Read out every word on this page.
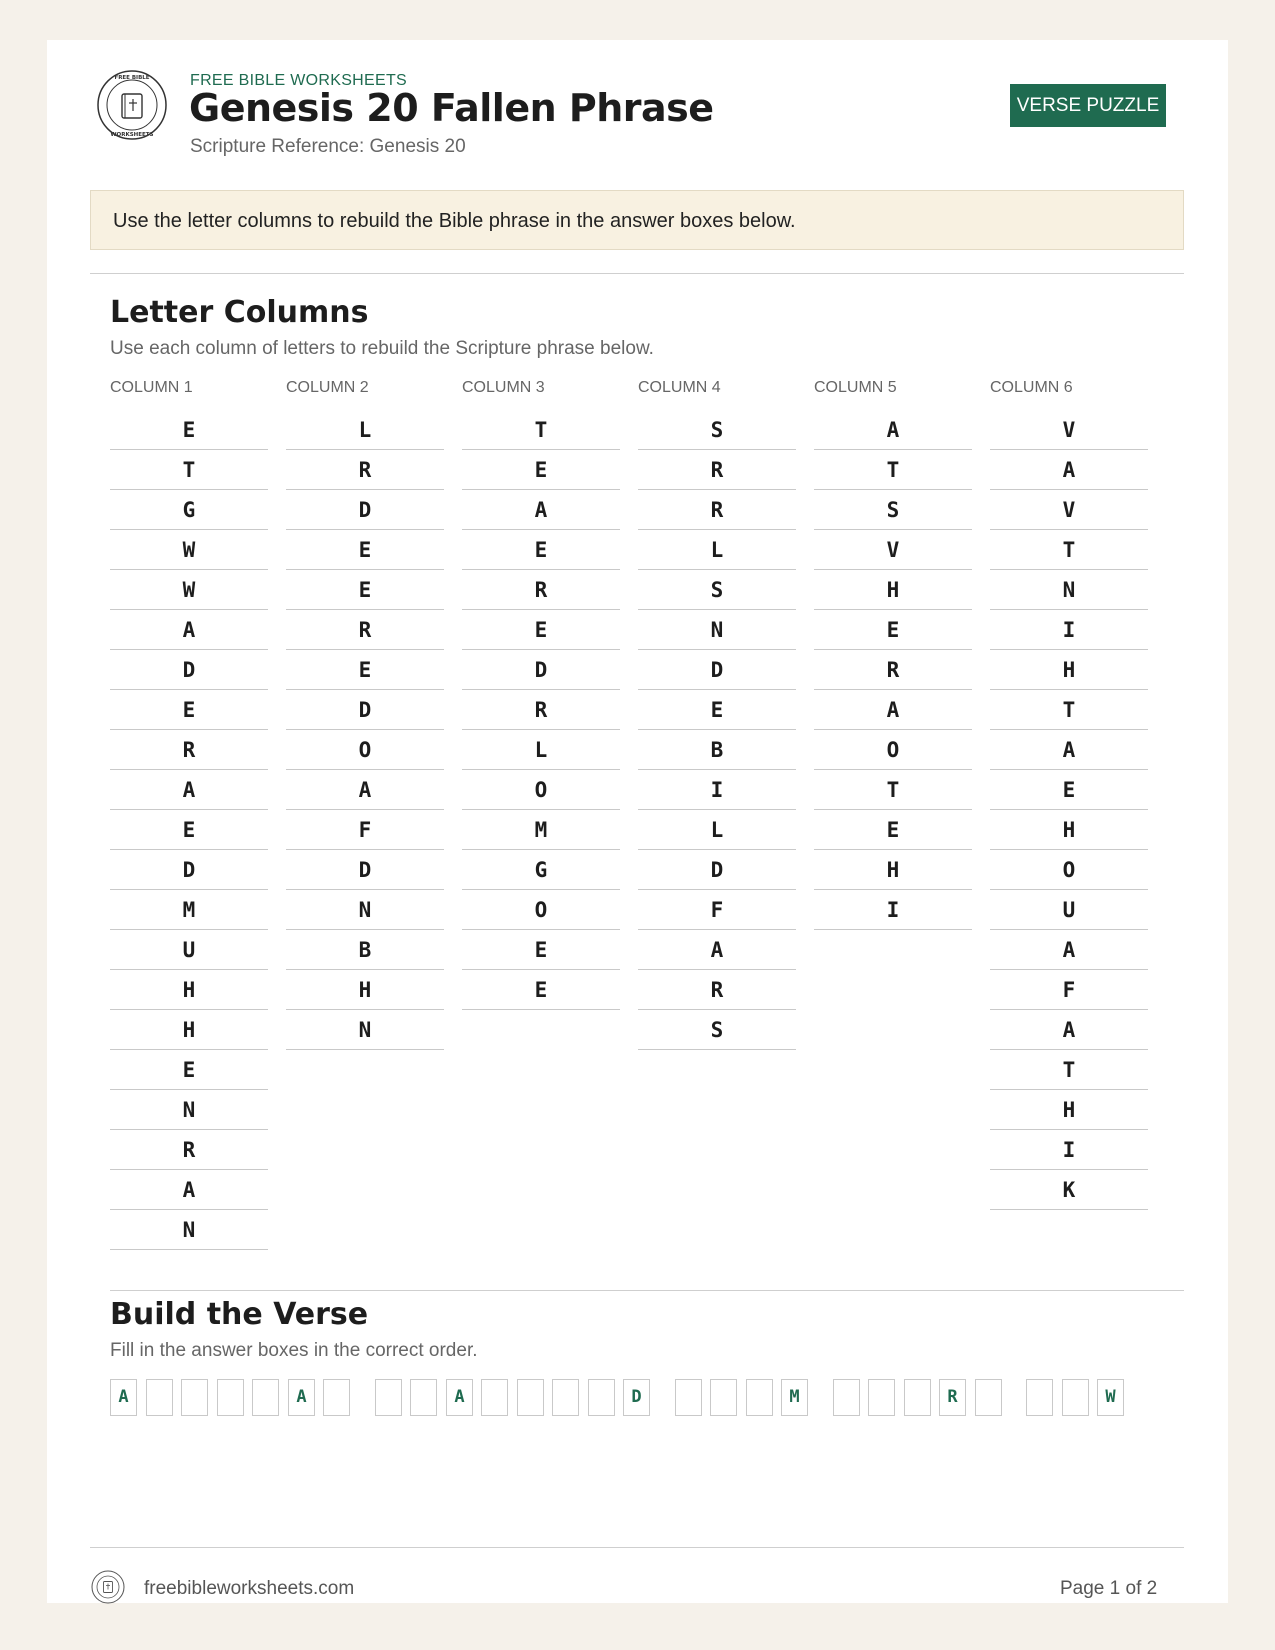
FREE BIBLE
WORKSHEETS
FREE BIBLE WORKSHEETS
Genesis 20 Fallen Phrase
Scripture Reference: Genesis 20
VERSE PUZZLE
Use the letter columns to rebuild the Bible phrase in the answer boxes below.
Letter Columns
Use each column of letters to rebuild the Scripture phrase below.
COLUMN 1
E
T
G
W
W
A
D
E
R
A
E
D
M
U
H
H
E
N
R
A
N
COLUMN 2
L
R
D
E
E
R
E
D
O
A
F
D
N
B
H
N
COLUMN 3
T
E
A
E
R
E
D
R
L
O
M
G
O
E
E
COLUMN 4
S
R
R
L
S
N
D
E
B
I
L
D
F
A
R
S
COLUMN 5
A
T
S
V
H
E
R
A
O
T
E
H
I
COLUMN 6
V
A
V
T
N
I
H
T
A
E
H
O
U
A
F
A
T
H
I
K
Build the Verse
Fill in the answer boxes in the correct order.
A	A	A	D	M	R	W
freebibleworksheets.com	Page 1 of 2
